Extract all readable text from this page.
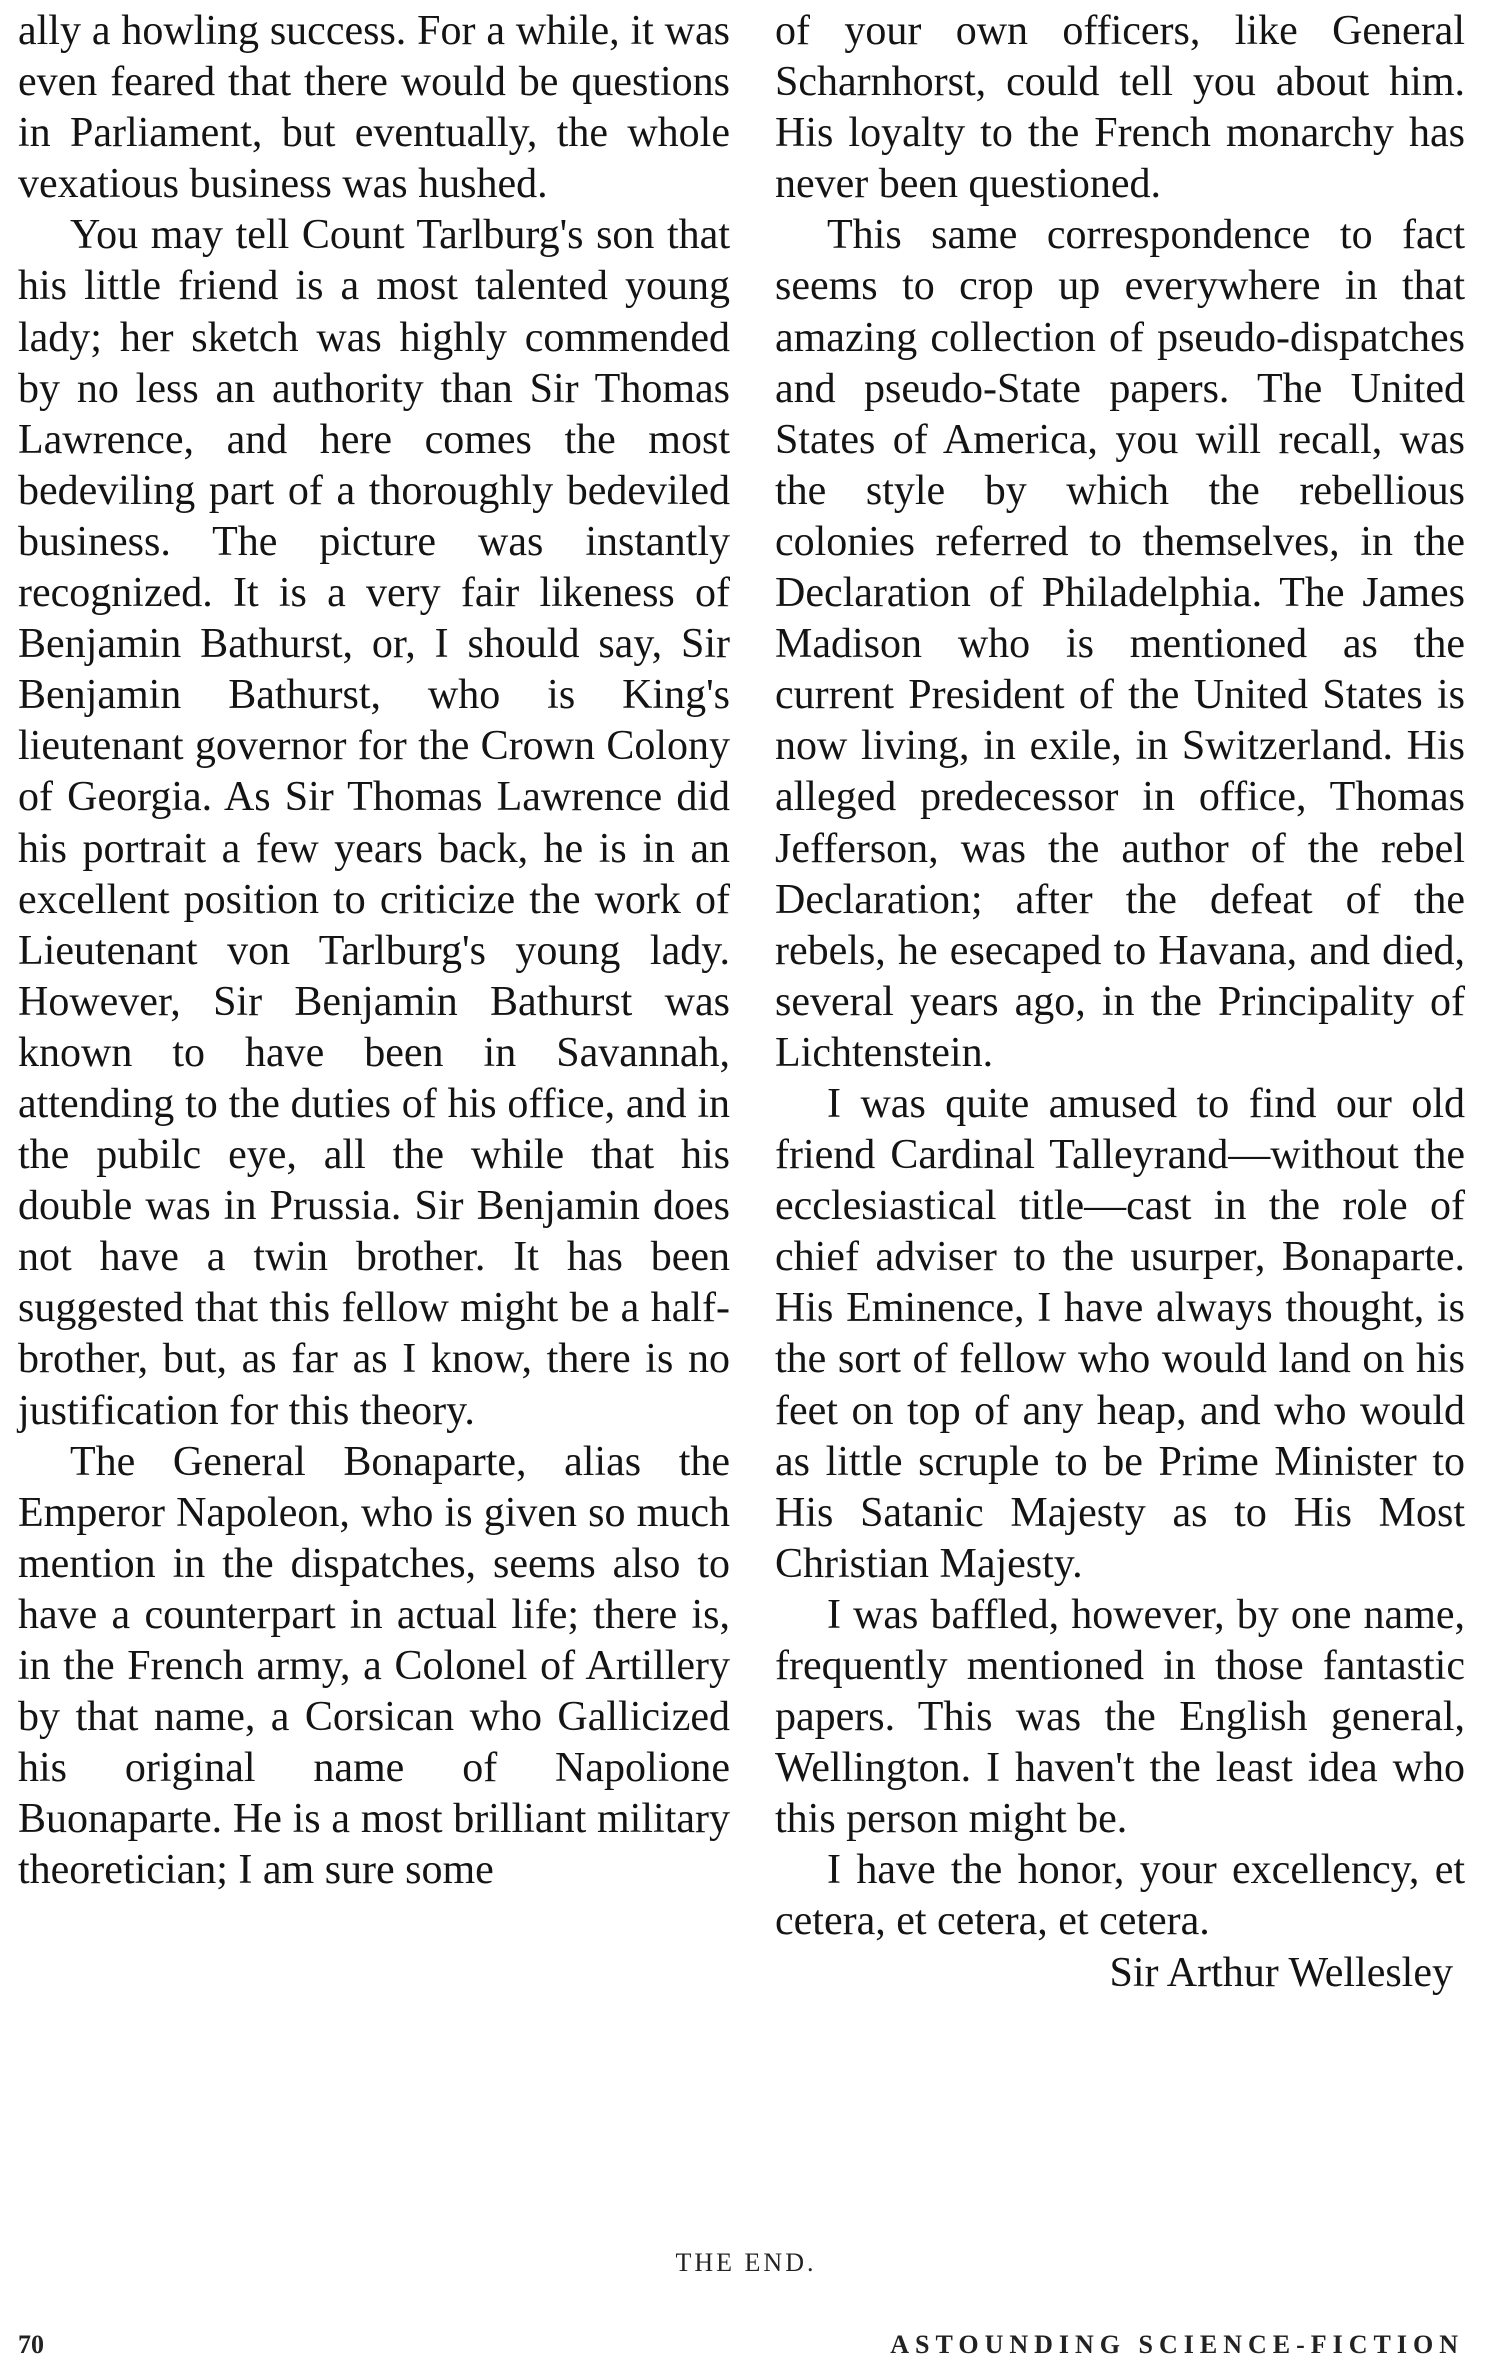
ally a howling success. For a while, it was even feared that there would be questions in Parliament, but eventually, the whole vexatious business was hushed.

You may tell Count Tarlburg's son that his little friend is a most talented young lady; her sketch was highly commended by no less an authority than Sir Thomas Lawrence, and here comes the most bedeviling part of a thoroughly bedeviled business. The picture was instantly recognized. It is a very fair likeness of Benjamin Bathurst, or, I should say, Sir Benjamin Bathurst, who is King's lieutenant governor for the Crown Colony of Georgia. As Sir Thomas Lawrence did his portrait a few years back, he is in an excellent position to criticize the work of Lieutenant von Tarlburg's young lady. However, Sir Benjamin Bathurst was known to have been in Savannah, attending to the duties of his office, and in the pubilc eye, all the while that his double was in Prussia. Sir Benjamin does not have a twin brother. It has been suggested that this fellow might be a half-brother, but, as far as I know, there is no justification for this theory.

The General Bonaparte, alias the Emperor Napoleon, who is given so much mention in the dispatches, seems also to have a counterpart in actual life; there is, in the French army, a Colonel of Artillery by that name, a Corsican who Gallicized his original name of Napolione Buonaparte. He is a most brilliant military theoretician; I am sure some

of your own officers, like General Scharnhorst, could tell you about him. His loyalty to the French monarchy has never been questioned.

This same correspondence to fact seems to crop up everywhere in that amazing collection of pseudo-dispatches and pseudo-State papers. The United States of America, you will recall, was the style by which the rebellious colonies referred to themselves, in the Declaration of Philadelphia. The James Madison who is mentioned as the current President of the United States is now living, in exile, in Switzerland. His alleged predecessor in office, Thomas Jefferson, was the author of the rebel Declaration; after the defeat of the rebels, he esecaped to Havana, and died, several years ago, in the Principality of Lichtenstein.

I was quite amused to find our old friend Cardinal Talleyrand—without the ecclesiastical title—cast in the role of chief adviser to the usurper, Bonaparte. His Eminence, I have always thought, is the sort of fellow who would land on his feet on top of any heap, and who would as little scruple to be Prime Minister to His Satanic Majesty as to His Most Christian Majesty.

I was baffled, however, by one name, frequently mentioned in those fantastic papers. This was the English general, Wellington. I haven't the least idea who this person might be.

I have the honor, your excellency, et cetera, et cetera, et cetera.

Sir Arthur Wellesley

THE END.
70	ASTOUNDING SCIENCE-FICTION
